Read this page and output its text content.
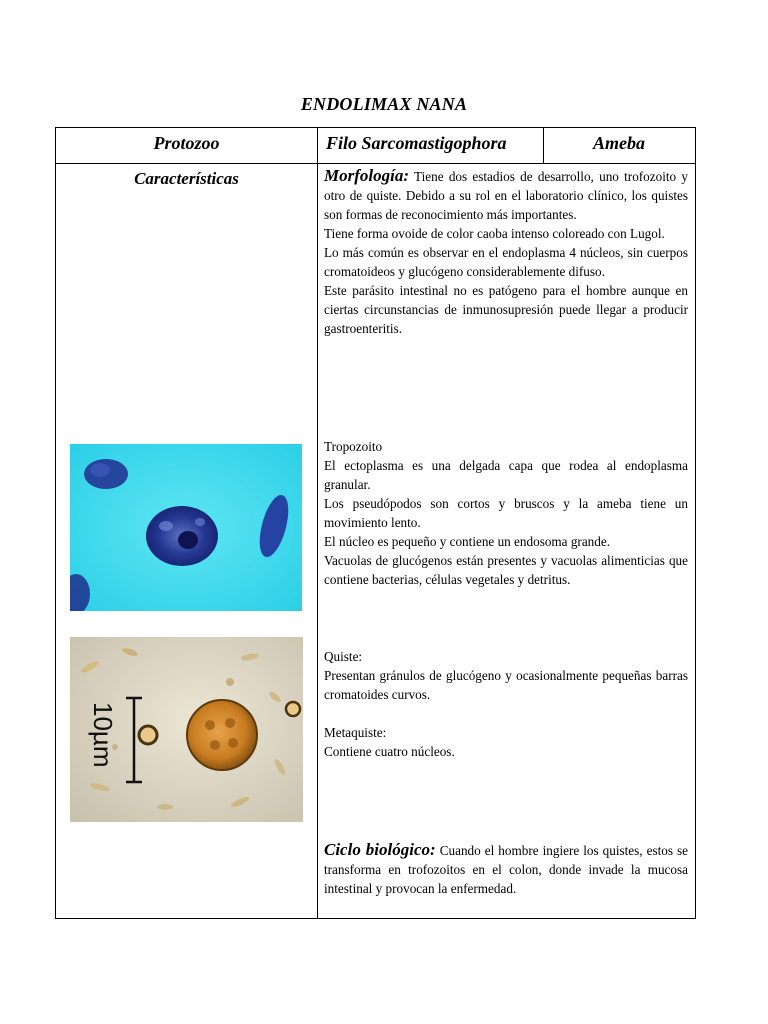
ENDOLIMAX NANA
Protozoo	Filo Sarcomastigophora	Ameba
Características	Morfología: Tiene dos estadios de desarrollo, uno trofozoito y otro de quiste. Debido a su rol en el laboratorio clínico, los quistes son formas de reconocimiento más importantes.

Tiene forma ovoide de color caoba intenso coloreado con Lugol.

Lo más común es observar en el endoplasma 4 núcleos, sin cuerpos cromatoideos y glucógeno considerablemente difuso.

Este parásito intestinal no es patógeno para el hombre aunque en ciertas circunstancias de inmunosupresión puede llegar a producir gastroenteritis.

Tropozoito

El ectoplasma es una delgada capa que rodea al endoplasma granular.

Los pseudópodos son cortos y bruscos y la ameba tiene un movimiento lento.

El núcleo es pequeño y contiene un endosoma grande.

Vacuolas de glucógenos están presentes y vacuolas alimenticias que contiene bacterias, células vegetales y detritus.

Quiste:

Presentan gránulos de glucógeno y ocasionalmente pequeñas barras cromatoides curvos.

Metaquiste:

Contiene cuatro núcleos.

Ciclo biológico: Cuando el hombre ingiere los quistes, estos se transforma en trofozoitos en el colon, donde invade la mucosa intestinal y provocan la enfermedad.

10µm
